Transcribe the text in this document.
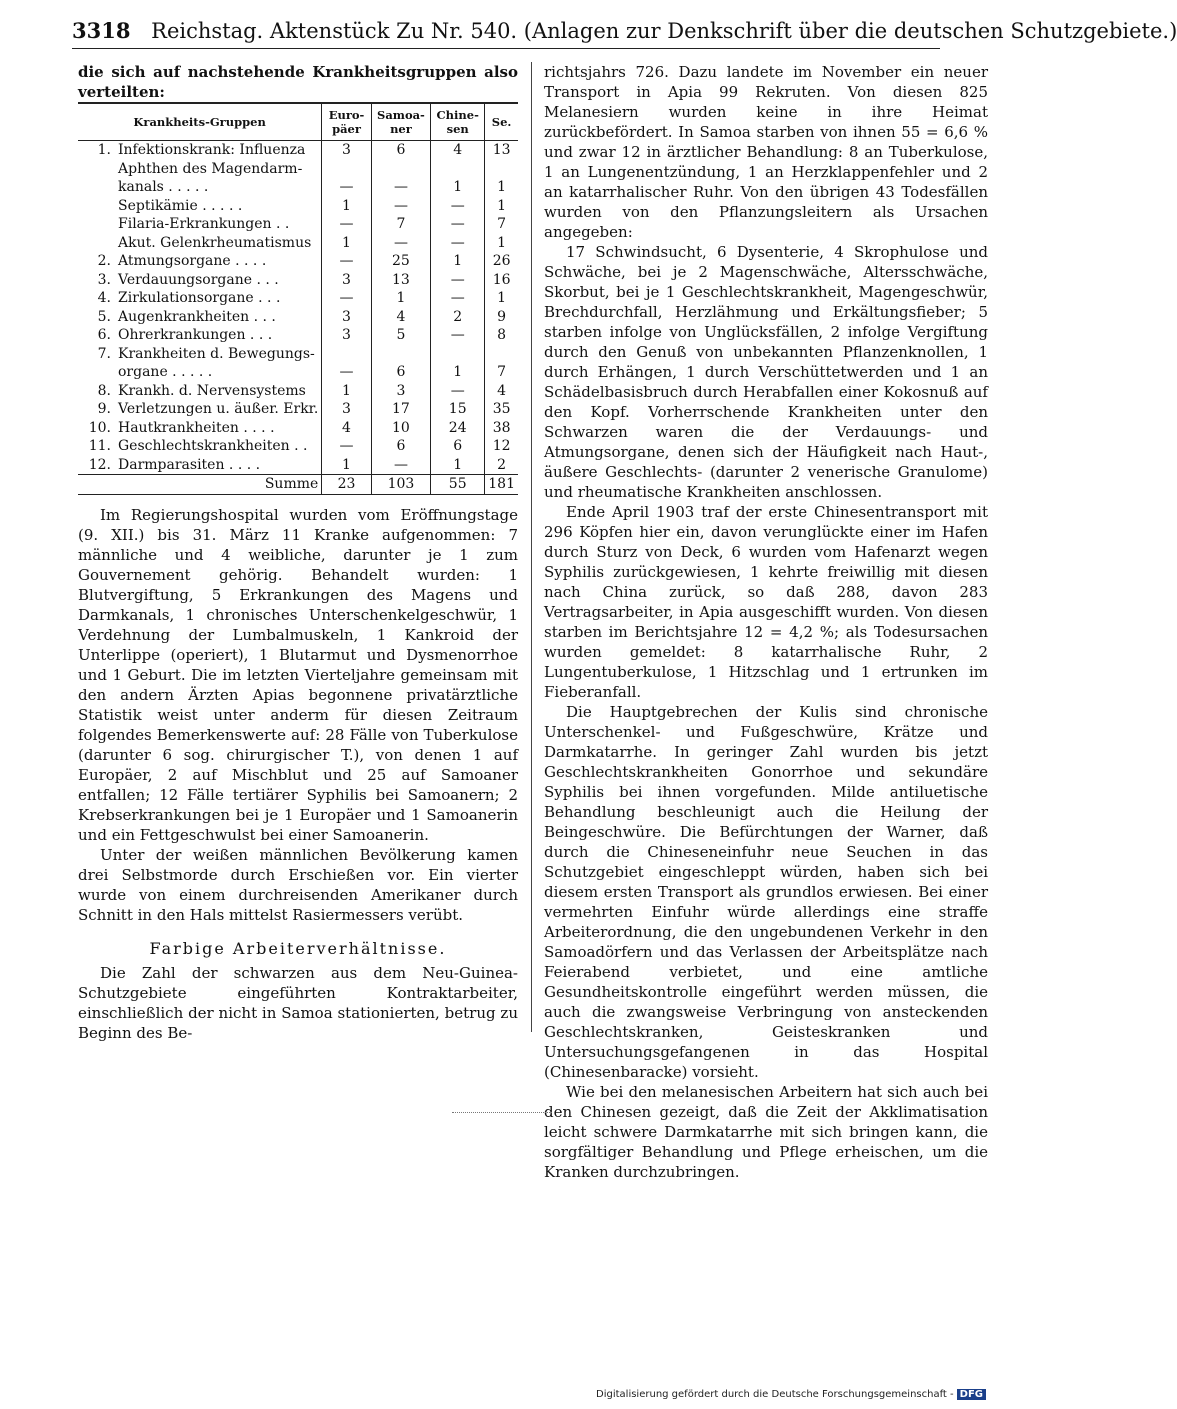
3318 Reichstag. Aktenstück Zu Nr. 540. (Anlagen zur Denkschrift über die deutschen Schutzgebiete.)

die sich auf nachstehende Krankheitsgruppen also verteilten:

Krankheits-Gruppen		Euro-päer	Samoa-ner	Chine-sen	Se.
1.	Infektionskrank: Influenza	3	6	4	13
	Aphthen des Magendarm-				
	kanals . . . . .	—	—	1	1
	Septikämie . . . . .	1	—	—	1
	Filaria-Erkrankungen . .	—	7	—	7
	Akut. Gelenkrheumatismus	1	—	—	1
2.	Atmungsorgane . . . .	—	25	1	26
3.	Verdauungsorgane . . .	3	13	—	16
4.	Zirkulationsorgane . . .	—	1	—	1
5.	Augenkrankheiten . . .	3	4	2	9
6.	Ohrerkrankungen . . .	3	5	—	8
7.	Krankheiten d. Bewegungs-				
	organe . . . . .	—	6	1	7
8.	Krankh. d. Nervensystems	1	3	—	4
9.	Verletzungen u. äußer. Erkr.	3	17	15	35
10.	Hautkrankheiten . . . .	4	10	24	38
11.	Geschlechtskrankheiten . .	—	6	6	12
12.	Darmparasiten . . . .	1	—	1	2
	Summe	23	103	55	181

Im Regierungshospital wurden vom Eröffnungstage (9. XII.) bis 31. März 11 Kranke aufgenommen: 7 männliche und 4 weibliche, darunter je 1 zum Gouvernement gehörig. Behandelt wurden: 1 Blutvergiftung, 5 Erkrankungen des Magens und Darmkanals, 1 chronisches Unterschenkelgeschwür, 1 Verdehnung der Lumbalmuskeln, 1 Kankroid der Unterlippe (operiert), 1 Blutarmut und Dysmenorrhoe und 1 Geburt. Die im letzten Vierteljahre gemeinsam mit den andern Ärzten Apias begonnene privatärztliche Statistik weist unter anderm für diesen Zeitraum folgendes Bemerkenswerte auf: 28 Fälle von Tuberkulose (darunter 6 sog. chirurgischer T.), von denen 1 auf Europäer, 2 auf Mischblut und 25 auf Samoaner entfallen; 12 Fälle tertiärer Syphilis bei Samoanern; 2 Krebserkrankungen bei je 1 Europäer und 1 Samoanerin und ein Fettgeschwulst bei einer Samoanerin.

Unter der weißen männlichen Bevölkerung kamen drei Selbstmorde durch Erschießen vor. Ein vierter wurde von einem durchreisenden Amerikaner durch Schnitt in den Hals mittelst Rasiermessers verübt.

Farbige Arbeiterverhältnisse.

Die Zahl der schwarzen aus dem Neu-Guinea-Schutzgebiete eingeführten Kontraktarbeiter, einschließlich der nicht in Samoa stationierten, betrug zu Beginn des Be-

richtsjahrs 726. Dazu landete im November ein neuer Transport in Apia 99 Rekruten. Von diesen 825 Melanesiern wurden keine in ihre Heimat zurückbefördert. In Samoa starben von ihnen 55 = 6,6 % und zwar 12 in ärztlicher Behandlung: 8 an Tuberkulose, 1 an Lungenentzündung, 1 an Herzklappenfehler und 2 an katarrhalischer Ruhr. Von den übrigen 43 Todesfällen wurden von den Pflanzungsleitern als Ursachen angegeben:

17 Schwindsucht, 6 Dysenterie, 4 Skrophulose und Schwäche, bei je 2 Magenschwäche, Altersschwäche, Skorbut, bei je 1 Geschlechtskrankheit, Magengeschwür, Brechdurchfall, Herzlähmung und Erkältungsfieber; 5 starben infolge von Unglücksfällen, 2 infolge Vergiftung durch den Genuß von unbekannten Pflanzenknollen, 1 durch Erhängen, 1 durch Verschüttetwerden und 1 an Schädelbasisbruch durch Herabfallen einer Kokosnuß auf den Kopf. Vorherrschende Krankheiten unter den Schwarzen waren die der Verdauungs- und Atmungsorgane, denen sich der Häufigkeit nach Haut-, äußere Geschlechts- (darunter 2 venerische Granulome) und rheumatische Krankheiten anschlossen.

Ende April 1903 traf der erste Chinesentransport mit 296 Köpfen hier ein, davon verunglückte einer im Hafen durch Sturz von Deck, 6 wurden vom Hafenarzt wegen Syphilis zurückgewiesen, 1 kehrte freiwillig mit diesen nach China zurück, so daß 288, davon 283 Vertragsarbeiter, in Apia ausgeschifft wurden. Von diesen starben im Berichtsjahre 12 = 4,2 %; als Todesursachen wurden gemeldet: 8 katarrhalische Ruhr, 2 Lungentuberkulose, 1 Hitzschlag und 1 ertrunken im Fieberanfall.

Die Hauptgebrechen der Kulis sind chronische Unterschenkel- und Fußgeschwüre, Krätze und Darmkatarrhe. In geringer Zahl wurden bis jetzt Geschlechtskrankheiten Gonorrhoe und sekundäre Syphilis bei ihnen vorgefunden. Milde antiluetische Behandlung beschleunigt auch die Heilung der Beingeschwüre. Die Befürchtungen der Warner, daß durch die Chineseneinfuhr neue Seuchen in das Schutzgebiet eingeschleppt würden, haben sich bei diesem ersten Transport als grundlos erwiesen. Bei einer vermehrten Einfuhr würde allerdings eine straffe Arbeiterordnung, die den ungebundenen Verkehr in den Samoadörfern und das Verlassen der Arbeitsplätze nach Feierabend verbietet, und eine amtliche Gesundheitskontrolle eingeführt werden müssen, die auch die zwangsweise Verbringung von ansteckenden Geschlechtskranken, Geisteskranken und Untersuchungsgefangenen in das Hospital (Chinesenbaracke) vorsieht.

Wie bei den melanesischen Arbeitern hat sich auch bei den Chinesen gezeigt, daß die Zeit der Akklimatisation leicht schwere Darmkatarrhe mit sich bringen kann, die sorgfältiger Behandlung und Pflege erheischen, um die Kranken durchzubringen.

Digitalisierung gefördert durch die Deutsche Forschungsgemeinschaft - DFG
